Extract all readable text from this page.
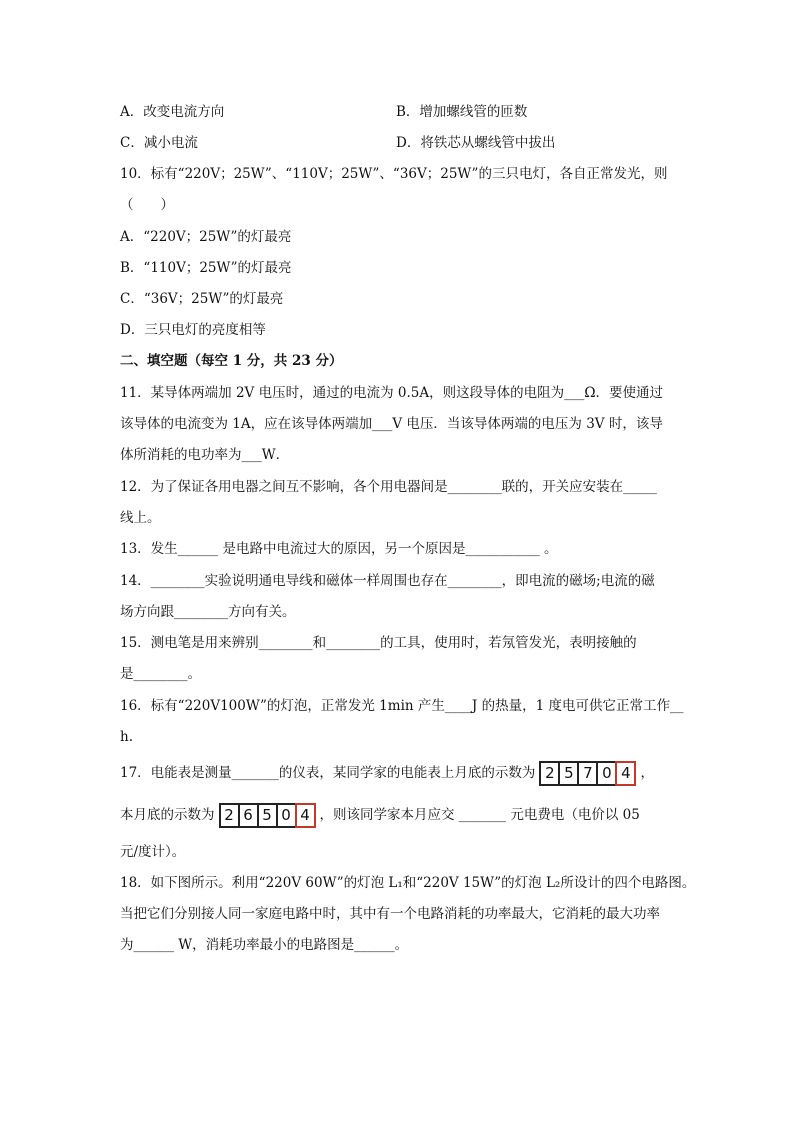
A．改变电流方向	B．增加螺线管的匝数
C．减小电流	D．将铁芯从螺线管中拔出
10．标有“220V；25W”、“110V；25W”、“36V；25W”的三只电灯，各自正常发光，则
（　　）
A．“220V；25W”的灯最亮
B．“110V；25W”的灯最亮
C．“36V；25W”的灯最亮
D．三只电灯的亮度相等
二、填空题（每空 1 分，共 23 分）
11．某导体两端加 2V 电压时，通过的电流为 0.5A，则这段导体的电阻为___Ω．要使通过
该导体的电流变为 1A，应在该导体两端加___V 电压．当该导体两端的电压为 3V 时，该导
体所消耗的电功率为___W．
12．为了保证各用电器之间互不影响，各个用电器间是________联的，开关应安装在_____
线上。
13．发生______ 是电路中电流过大的原因，另一个原因是___________ 。
14．________实验说明通电导线和磁体一样周围也存在________，即电流的磁场;电流的磁
场方向跟________方向有关。
15．测电笔是用来辨别________和________的工具，使用时，若氖管发光，表明接触的
是________。
16．标有“220V100W”的灯泡，正常发光 1min 产生____J 的热量，1 度电可供它正常工作__
h.
17．电能表是测量_______的仪表，某同学家的电能表上月底的示数为 2 5 7 0 4 ，
本月底的示数为 2 6 5 0 4 ，则该同学家本月应交 _______ 元电费电（电价以 05
元/度计）。
18．如下图所示。利用“220V 60W”的灯泡 L₁和“220V 15W”的灯泡 L₂所设计的四个电路图。
当把它们分别接人同一家庭电路中时，其中有一个电路消耗的功率最大，它消耗的最大功率
为______ W，消耗功率最小的电路图是______。
